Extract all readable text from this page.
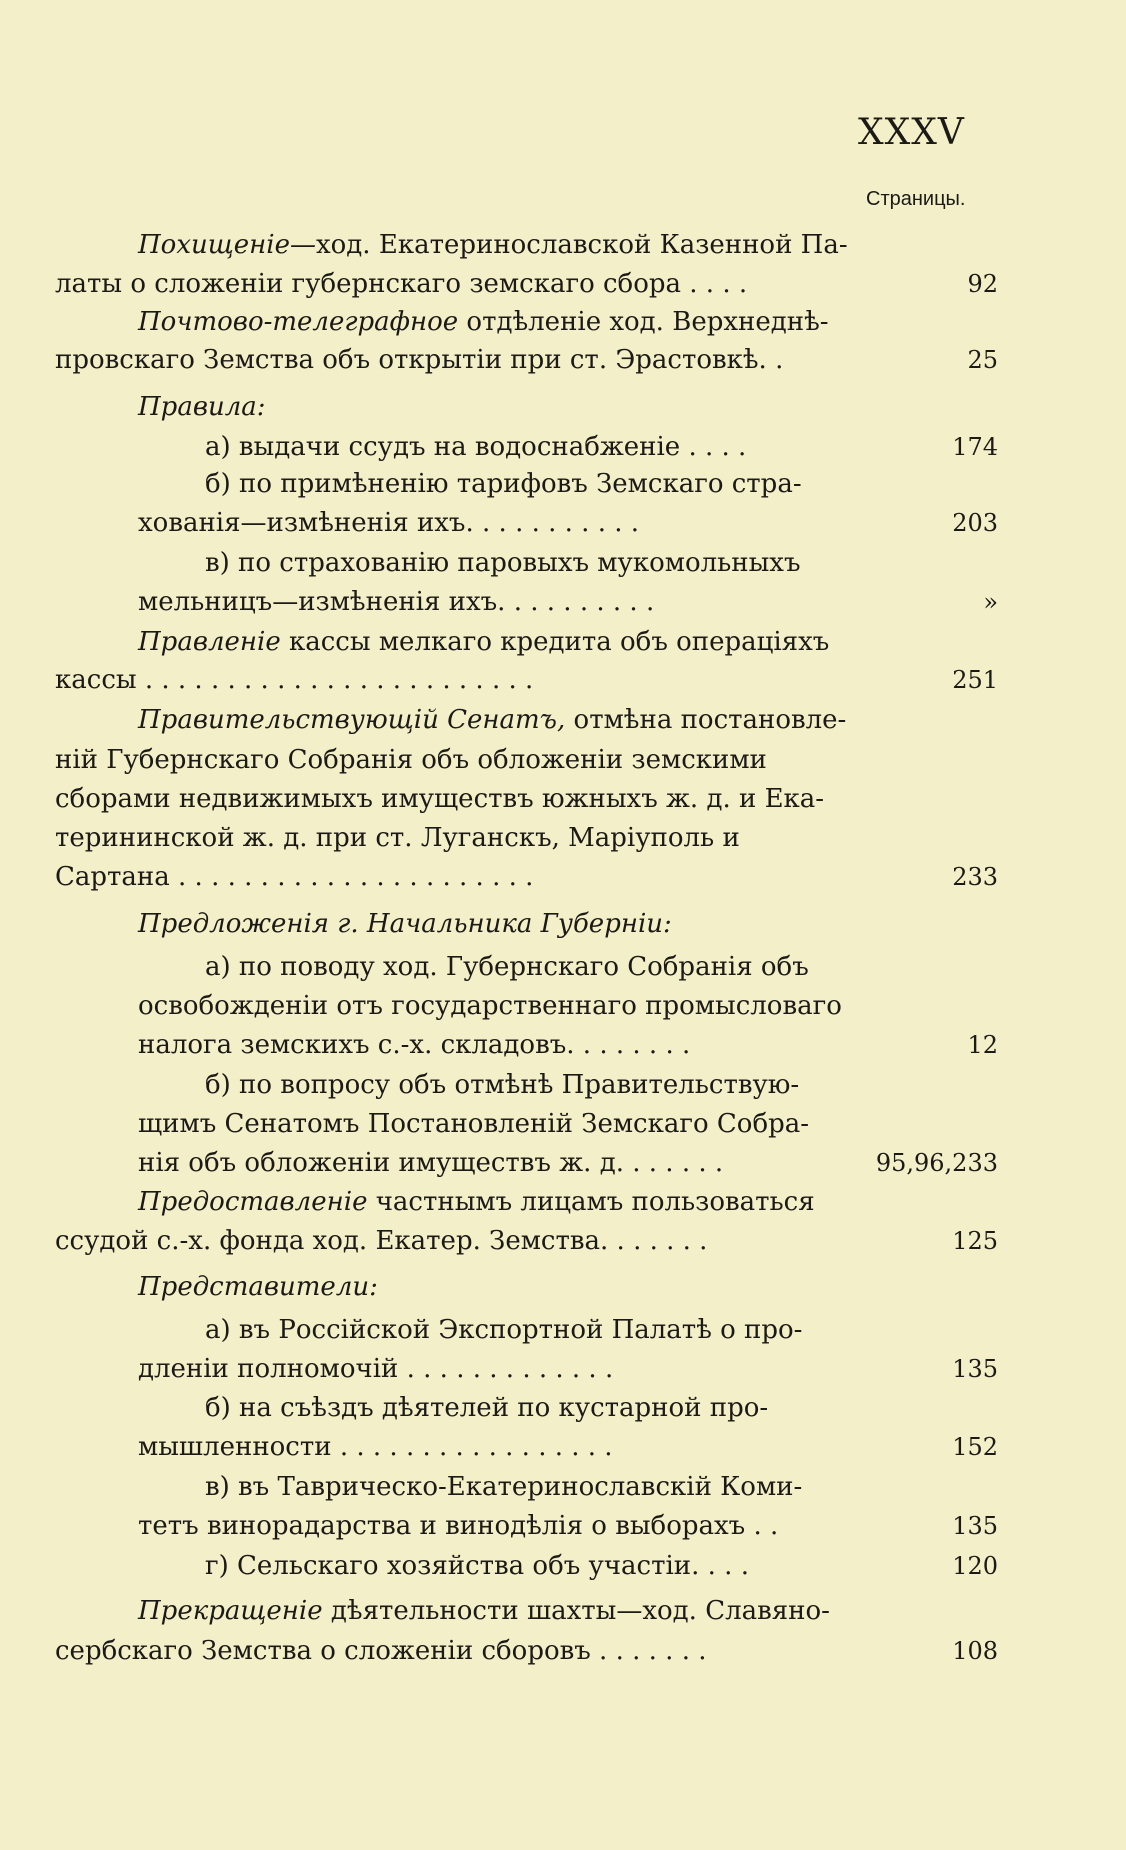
XXXV
Страницы.
Похищеніе—ход. Екатеринославской Казенной Па-
латы о сложеніи губернскаго земскаго сбора . . . .	92
Почтово-телеграфное отдѣленіе ход. Верхнеднѣ-
провскаго Земства объ открытіи при ст. Эрастовкѣ. .	25
Правила:
а) выдачи ссудъ на водоснабженіе . . . .	174
б) по примѣненію тарифовъ Земскаго стра-
хованія—измѣненія ихъ. . . . . . . . . . .	203
в) по страхованію паровыхъ мукомольныхъ
мельницъ—измѣненія ихъ. . . . . . . . . .	»
Правленіе кассы мелкаго кредита объ операціяхъ
кассы . . . . . . . . . . . . . . . . . . . . . . . .	251
Правительствующій Сенатъ, отмѣна постановле-
ній Губернскаго Собранія объ обложеніи земскими
сборами недвижимыхъ имуществъ южныхъ ж. д. и Ека-
терининской ж. д. при ст. Луганскъ, Маріуполь и
Сартана . . . . . . . . . . . . . . . . . . . . . .	233
Предложенія г. Начальника Губерніи:
а) по поводу ход. Губернскаго Собранія объ
освобожденіи отъ государственнаго промысловаго
налога земскихъ с.-х. складовъ. . . . . . . .	12
б) по вопросу объ отмѣнѣ Правительствую-
щимъ Сенатомъ Постановленій Земскаго Собра-
нія объ обложеніи имуществъ ж. д. . . . . . .	95,96,233
Предоставленіе частнымъ лицамъ пользоваться
ссудой с.-х. фонда ход. Екатер. Земства. . . . . . .	125
Представители:
а) въ Россійской Экспортной Палатѣ о про-
дленіи полномочій . . . . . . . . . . . . .	135
б) на съѣздъ дѣятелей по кустарной про-
мышленности . . . . . . . . . . . . . . . . .	152
в) въ Таврическо-Екатеринославскій Коми-
тетъ винорадарства и винодѣлія о выборахъ . .	135
г) Сельскаго хозяйства объ участіи. . . .	120
Прекращеніе дѣятельности шахты—ход. Славяно-
сербскаго Земства о сложеніи сборовъ . . . . . . .	108
